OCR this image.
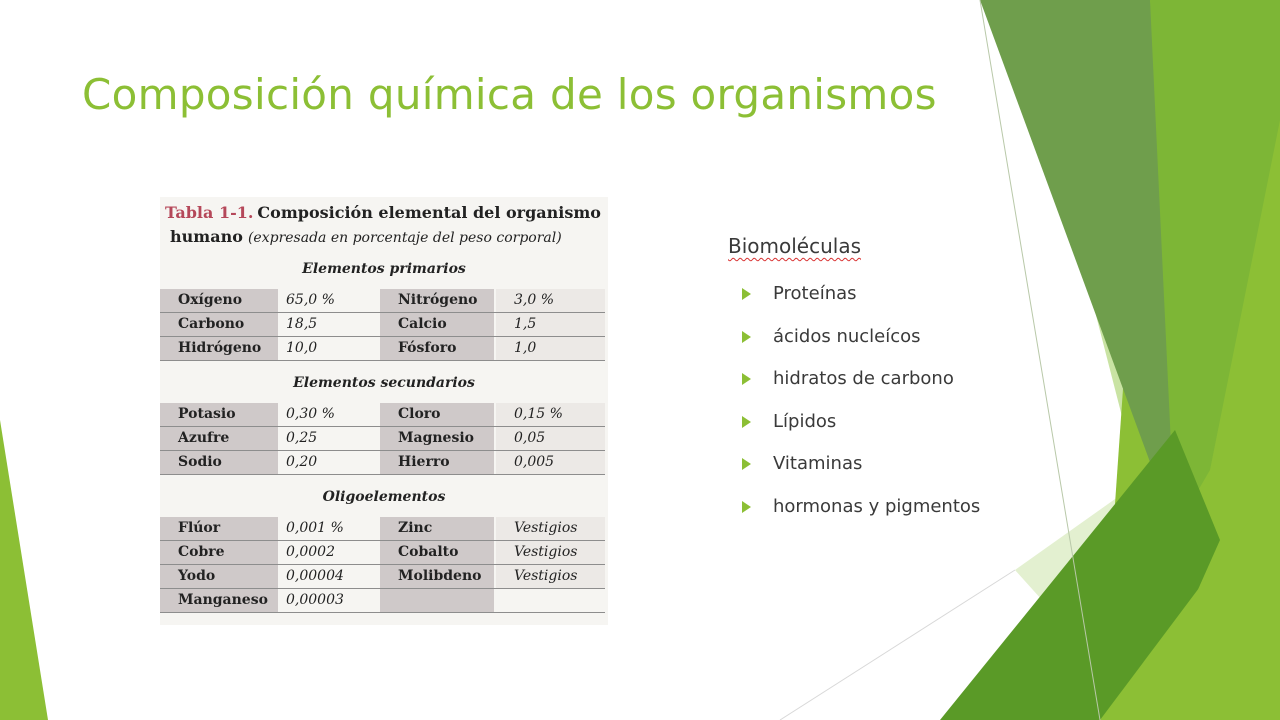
Composición química de los organismos
Tabla 1-1. Composición elemental del organismo
humano (expresada en porcentaje del peso corporal)
Elementos primarios
Oxígeno	65,0 %	Nitrógeno	3,0 %
Carbono	18,5	Calcio	1,5
Hidrógeno	10,0	Fósforo	1,0
Elementos secundarios
Potasio	0,30 %	Cloro	0,15 %
Azufre	0,25	Magnesio	0,05
Sodio	0,20	Hierro	0,005
Oligoelementos
Flúor	0,001 %	Zinc	Vestigios
Cobre	0,0002	Cobalto	Vestigios
Yodo	0,00004	Molibdeno	Vestigios
Manganeso	0,00003
Biomoléculas
Proteínas
ácidos nucleícos
hidratos de carbono
Lípidos
Vitaminas
hormonas y pigmentos
